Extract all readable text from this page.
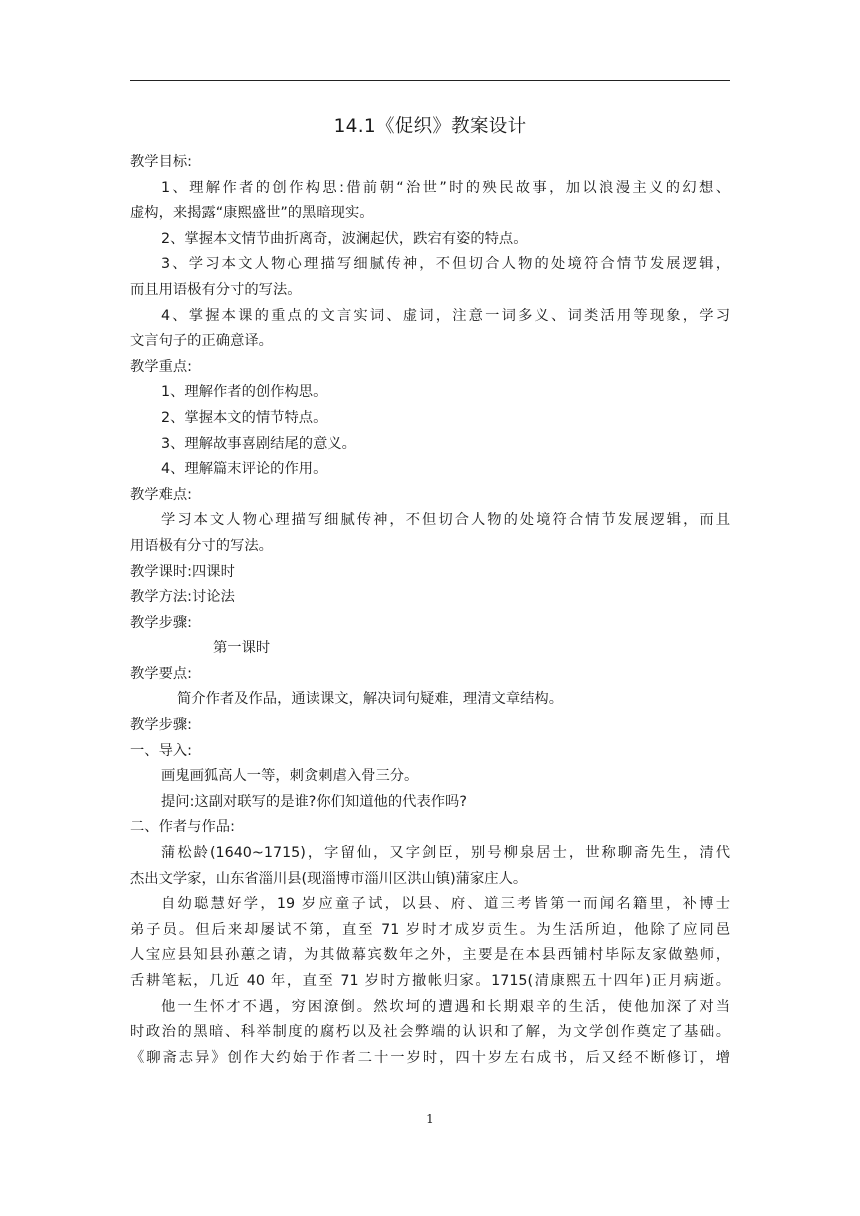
14.1《促织》教案设计
教学目标:
1、理解作者的创作构思:借前朝“治世”时的殃民故事，加以浪漫主义的幻想、
虚构，来揭露“康熙盛世”的黑暗现实。
2、掌握本文情节曲折离奇，波澜起伏，跌宕有姿的特点。
3、学习本文人物心理描写细腻传神，不但切合人物的处境符合情节发展逻辑，
而且用语极有分寸的写法。
4、掌握本课的重点的文言实词、虚词，注意一词多义、词类活用等现象，学习
文言句子的正确意译。
教学重点:
1、理解作者的创作构思。
2、掌握本文的情节特点。
3、理解故事喜剧结尾的意义。
4、理解篇末评论的作用。
教学难点:
学习本文人物心理描写细腻传神，不但切合人物的处境符合情节发展逻辑，而且
用语极有分寸的写法。
教学课时:四课时
教学方法:讨论法
教学步骤:
第一课时
教学要点:
简介作者及作品，通读课文，解决词句疑难，理清文章结构。
教学步骤:
一、导入:
画鬼画狐高人一等，刺贪刺虐入骨三分。
提问:这副对联写的是谁?你们知道他的代表作吗?
二、作者与作品:
蒲松龄(1640~1715)，字留仙，又字剑臣，别号柳泉居士，世称聊斋先生，清代
杰出文学家，山东省淄川县(现淄博市淄川区洪山镇)蒲家庄人。
自幼聪慧好学，19 岁应童子试，以县、府、道三考皆第一而闻名籍里，补博士
弟子员。但后来却屡试不第，直至 71 岁时才成岁贡生。为生活所迫，他除了应同邑
人宝应县知县孙蕙之请，为其做幕宾数年之外，主要是在本县西铺村毕际友家做塾师，
舌耕笔耘，几近 40 年，直至 71 岁时方撤帐归家。1715(清康熙五十四年)正月病逝。
他一生怀才不遇，穷困潦倒。然坎坷的遭遇和长期艰辛的生活，使他加深了对当
时政治的黑暗、科举制度的腐朽以及社会弊端的认识和了解，为文学创作奠定了基础。
《聊斋志异》创作大约始于作者二十一岁时，四十岁左右成书，后又经不断修订，增
1
